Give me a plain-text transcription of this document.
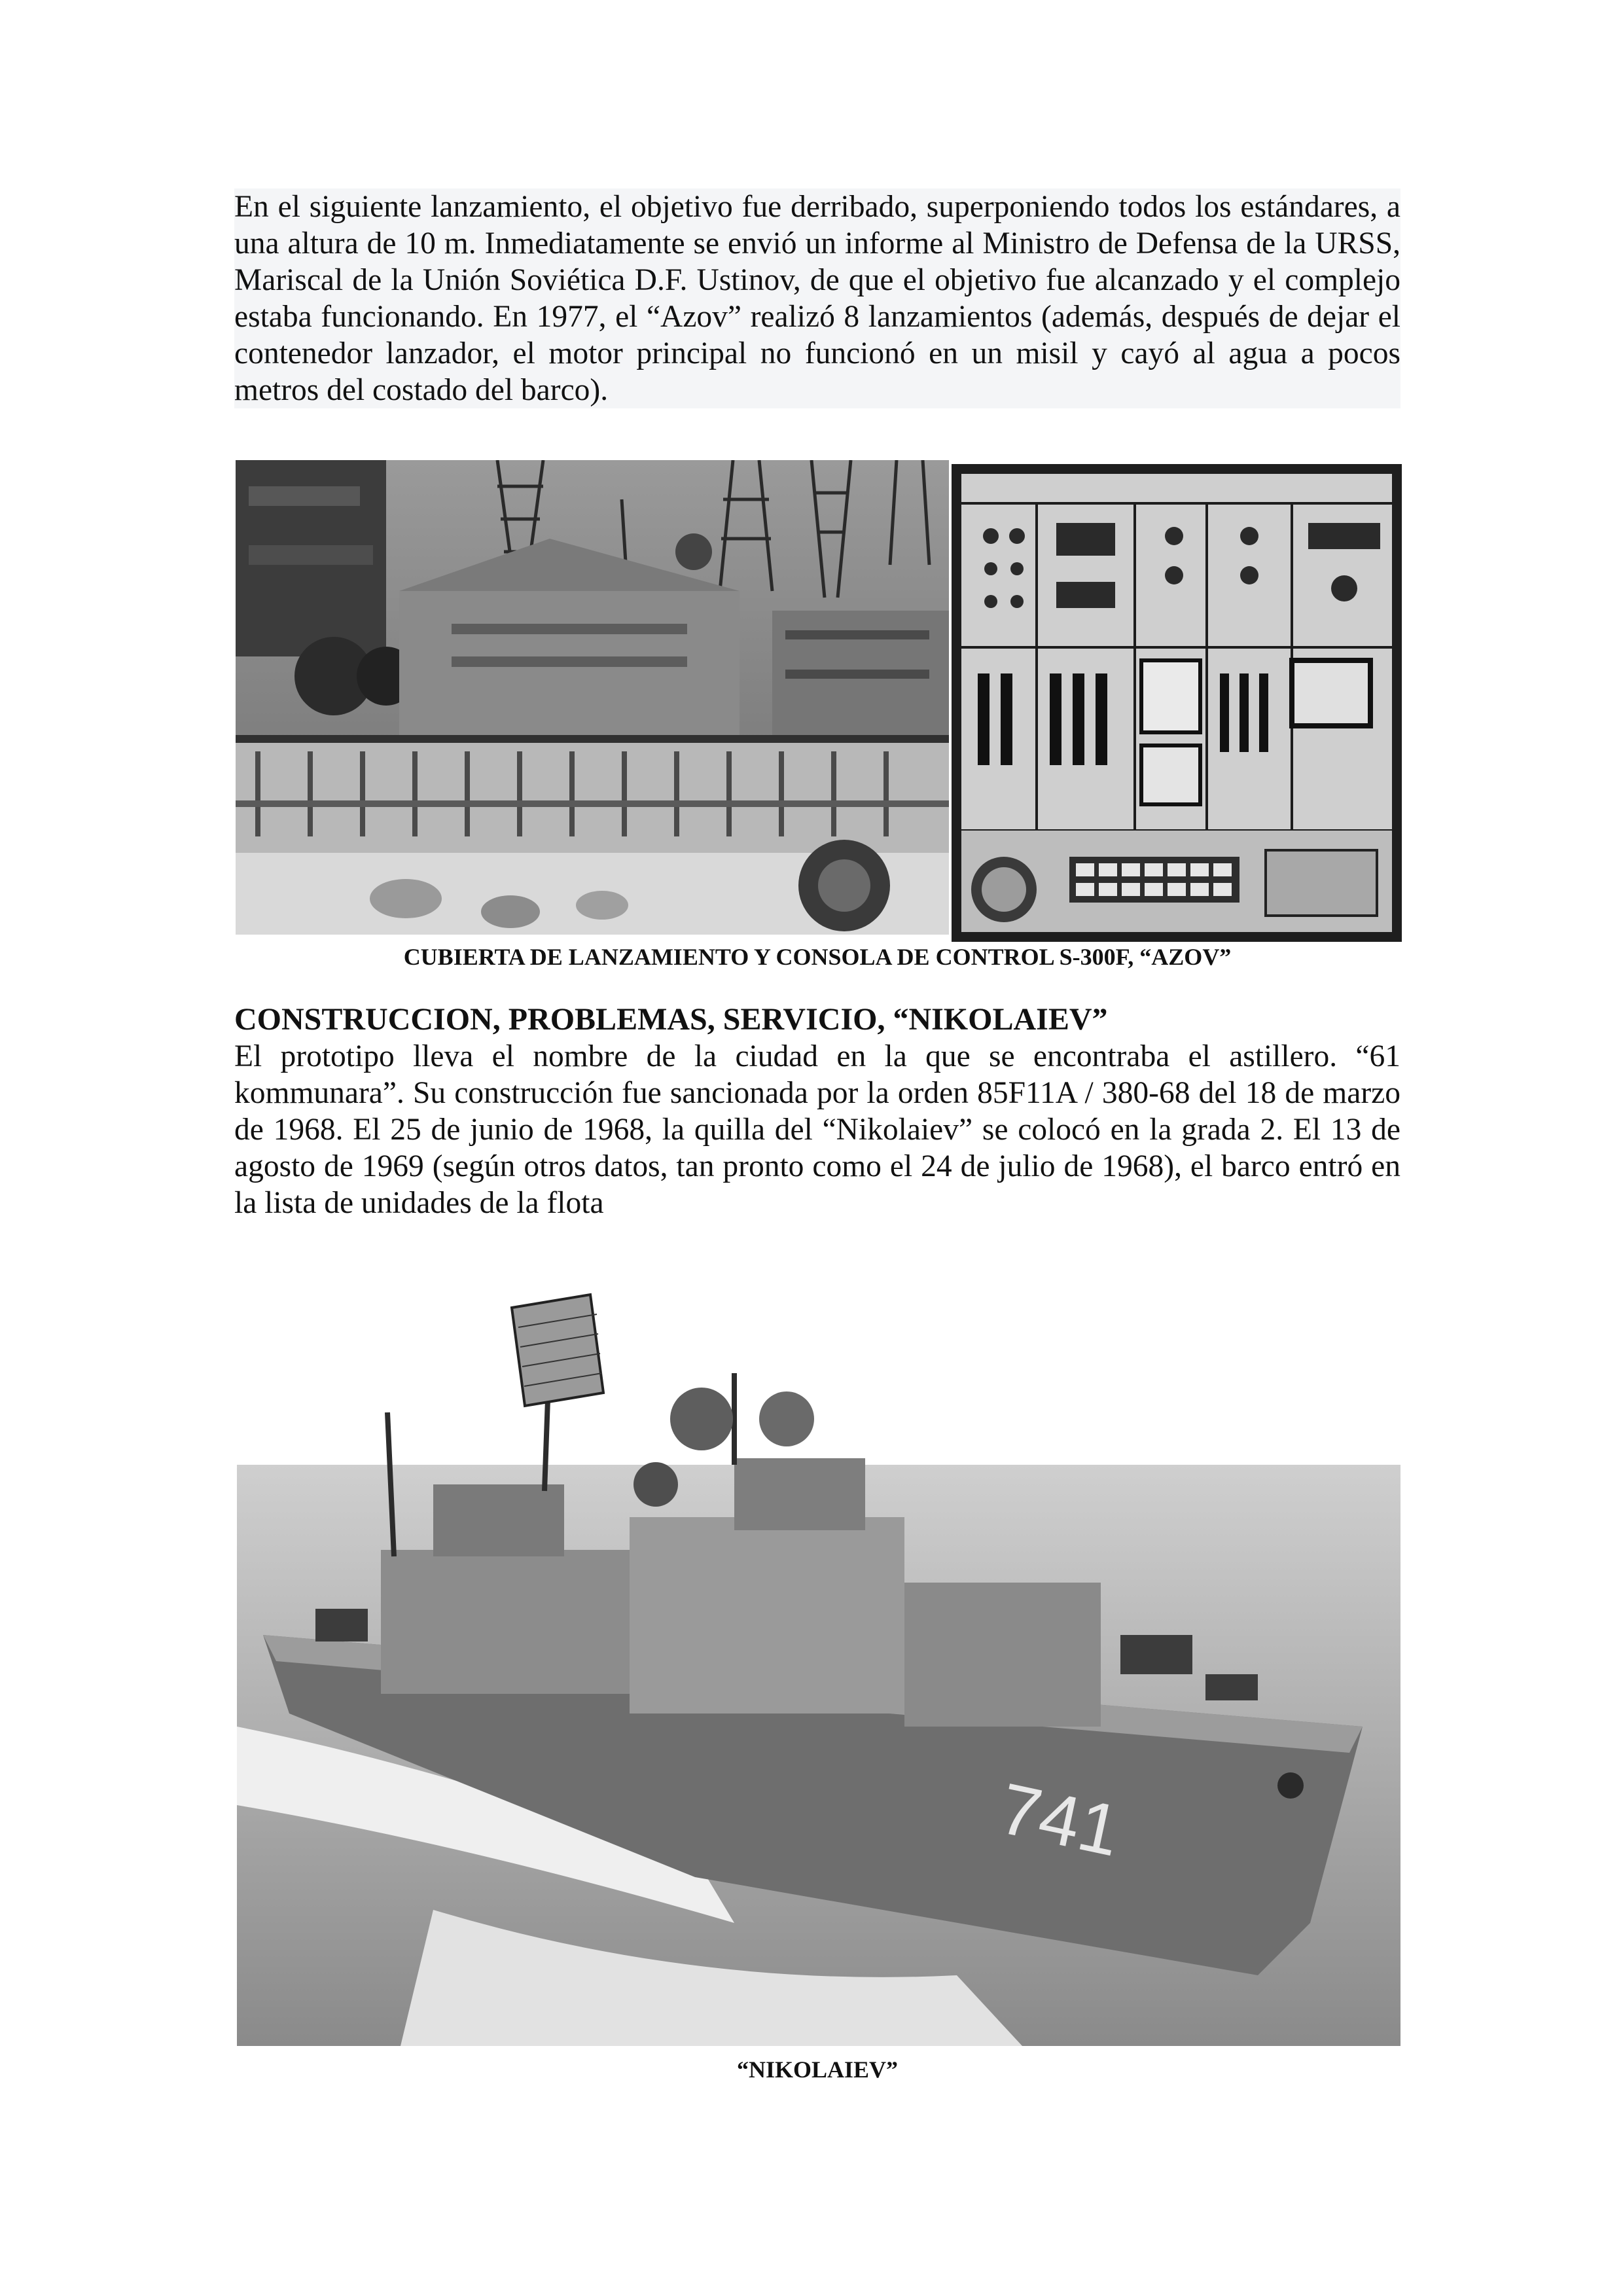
En el siguiente lanzamiento, el objetivo fue derribado, superponiendo todos los estándares, a una altura de 10 m. Inmediatamente se envió un informe al Ministro de Defensa de la URSS, Mariscal de la Unión Soviética D.F. Ustinov, de que el objetivo fue alcanzado y el complejo estaba funcionando. En 1977, el “Azov” realizó 8 lanzamientos (además, después de dejar el contenedor lanzador, el motor principal no funcionó en un misil y cayó al agua a pocos metros del costado del barco).

CUBIERTA DE LANZAMIENTO Y CONSOLA DE CONTROL S-300F, “AZOV”
CONSTRUCCION, PROBLEMAS, SERVICIO, “NIKOLAIEV”

El prototipo lleva el nombre de la ciudad en la que se encontraba el astillero. “61 kommunara”. Su construcción fue sancionada por la orden 85F11A / 380-68 del 18 de marzo de 1968. El 25 de junio de 1968, la quilla del “Nikolaiev” se colocó en la grada 2. El 13 de agosto de 1969 (según otros datos, tan pronto como el 24 de julio de 1968), el barco entró en la lista de unidades de la flota

741
“NIKOLAIEV”
